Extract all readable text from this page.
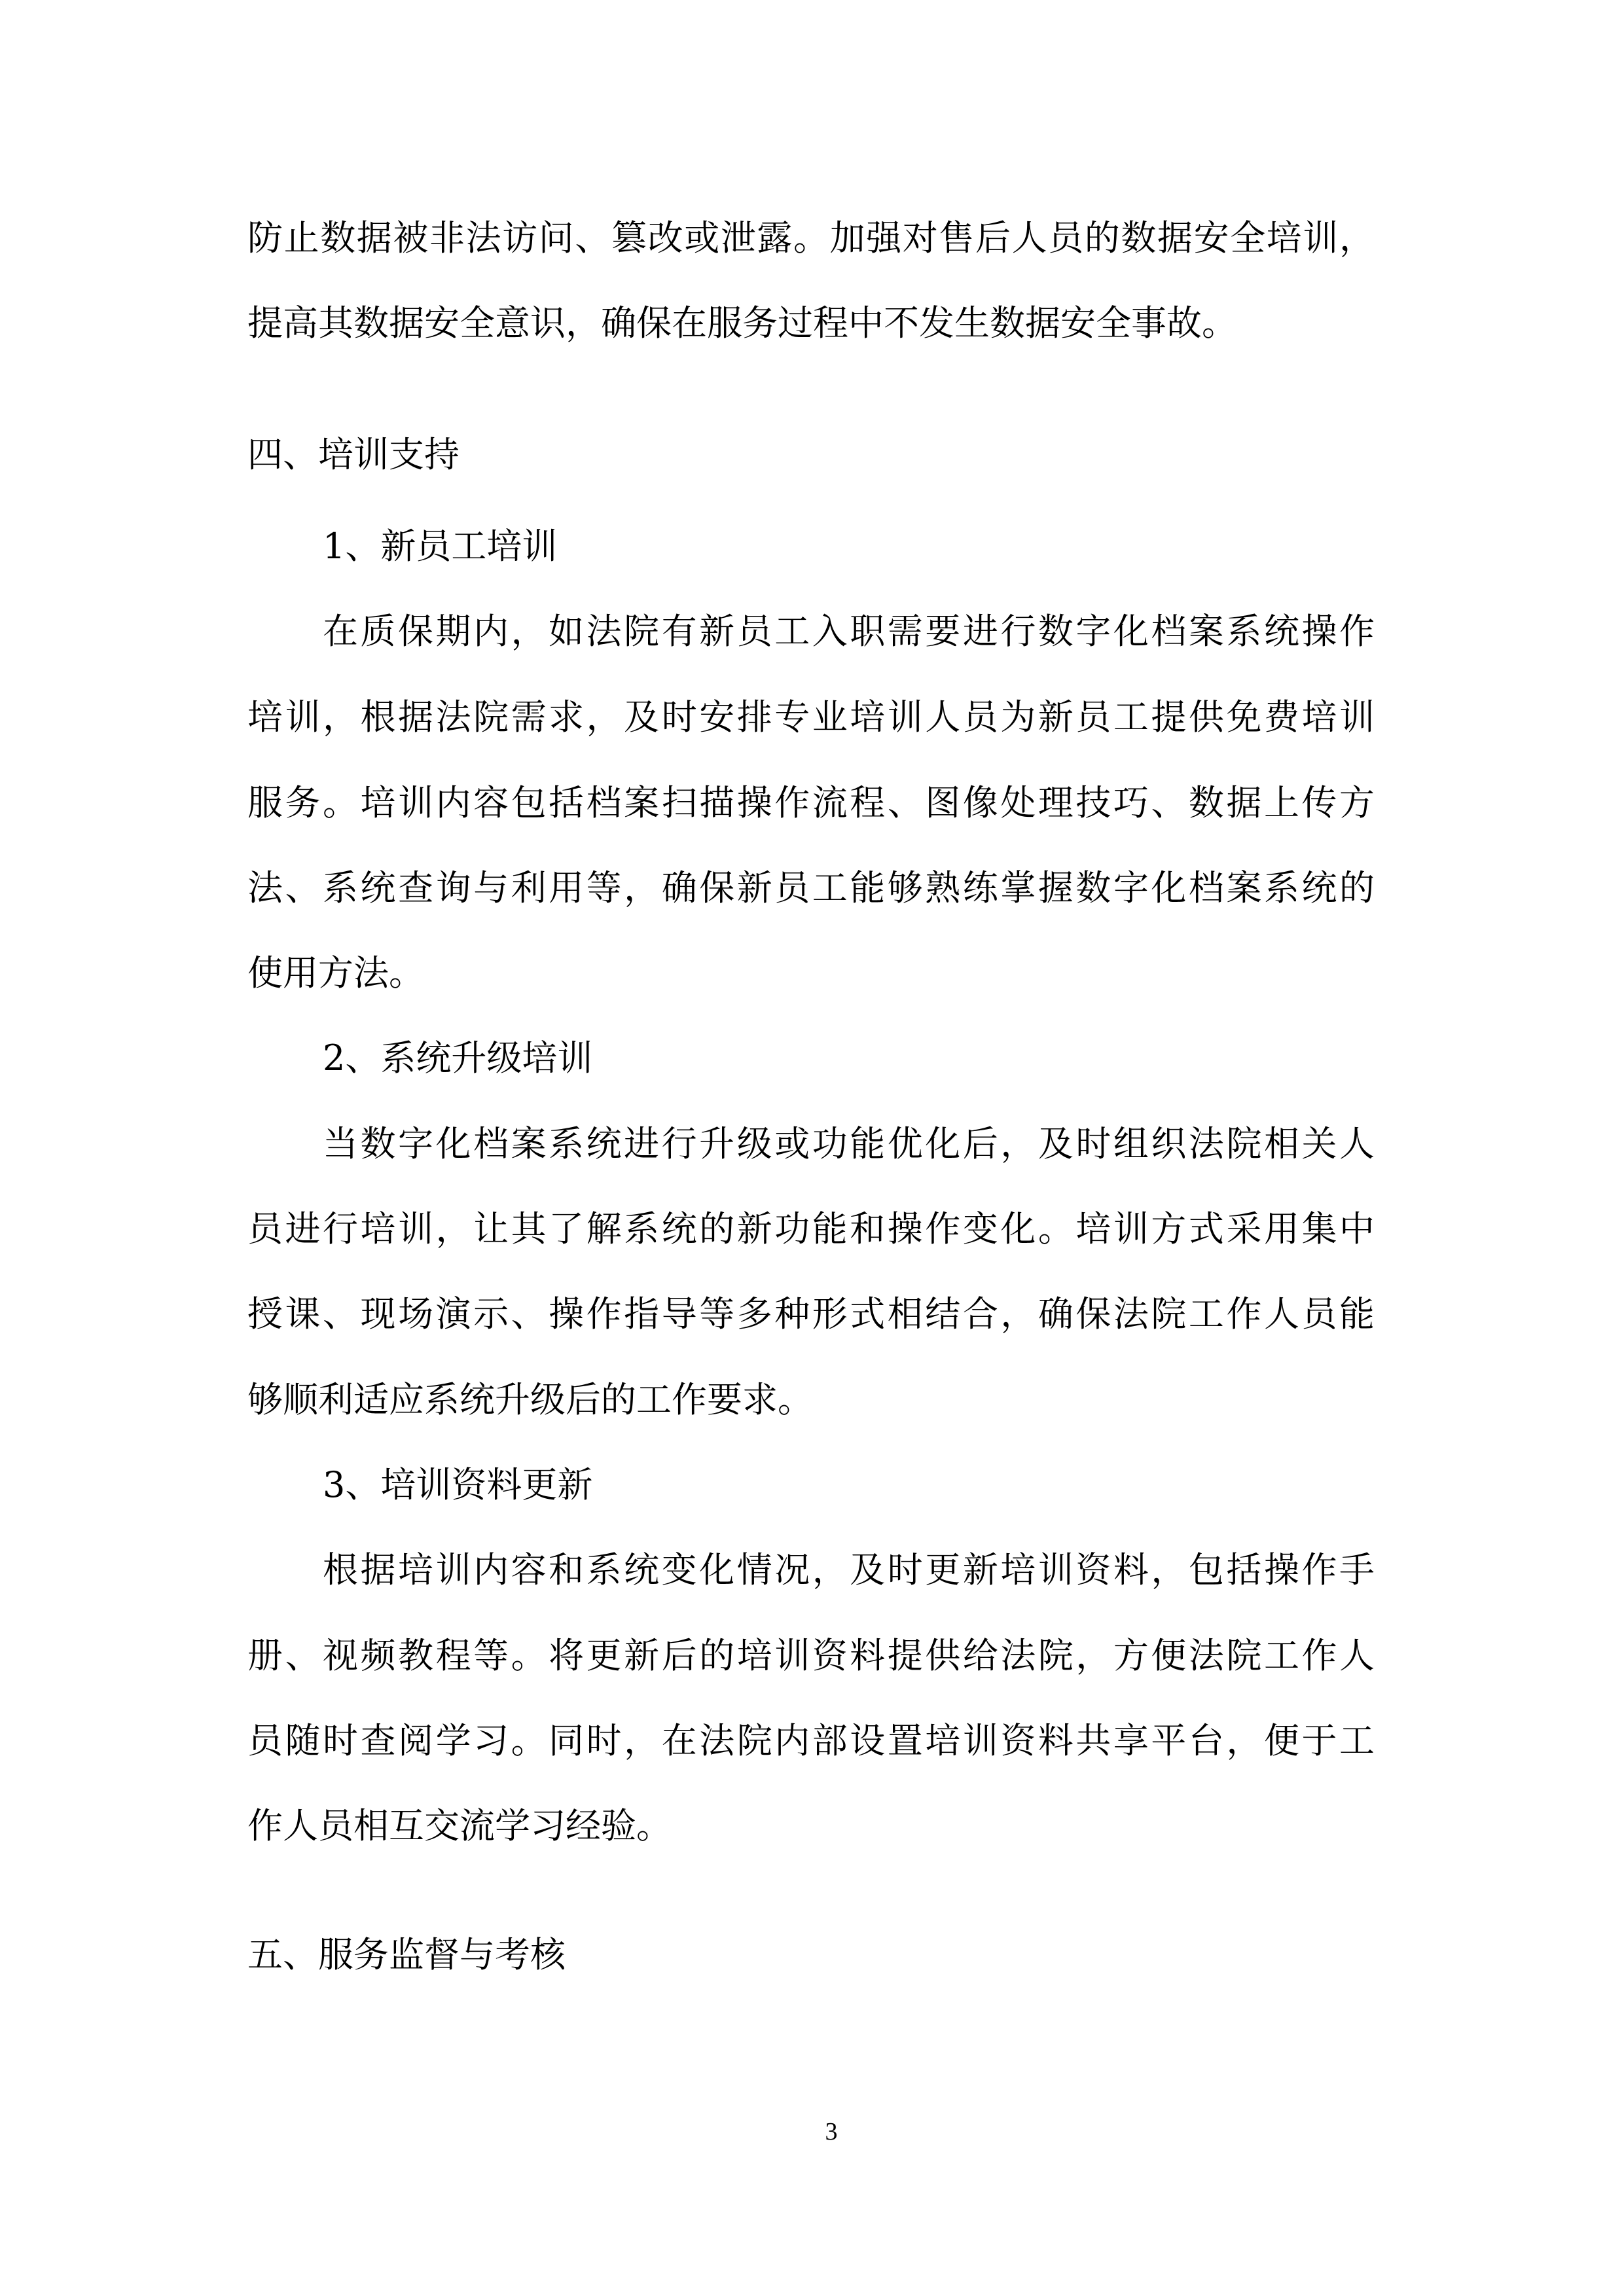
防止数据被非法访问、篡改或泄露。加强对售后人员的数据安全培训，
提高其数据安全意识，确保在服务过程中不发生数据安全事故。
四、培训支持
1、新员工培训
在质保期内，如法院有新员工入职需要进行数字化档案系统操作
培训，根据法院需求，及时安排专业培训人员为新员工提供免费培训
服务。培训内容包括档案扫描操作流程、图像处理技巧、数据上传方
法、系统查询与利用等，确保新员工能够熟练掌握数字化档案系统的
使用方法。
2、系统升级培训
当数字化档案系统进行升级或功能优化后，及时组织法院相关人
员进行培训，让其了解系统的新功能和操作变化。培训方式采用集中
授课、现场演示、操作指导等多种形式相结合，确保法院工作人员能
够顺利适应系统升级后的工作要求。
3、培训资料更新
根据培训内容和系统变化情况，及时更新培训资料，包括操作手
册、视频教程等。将更新后的培训资料提供给法院，方便法院工作人
员随时查阅学习。同时，在法院内部设置培训资料共享平台，便于工
作人员相互交流学习经验。
五、服务监督与考核
3
